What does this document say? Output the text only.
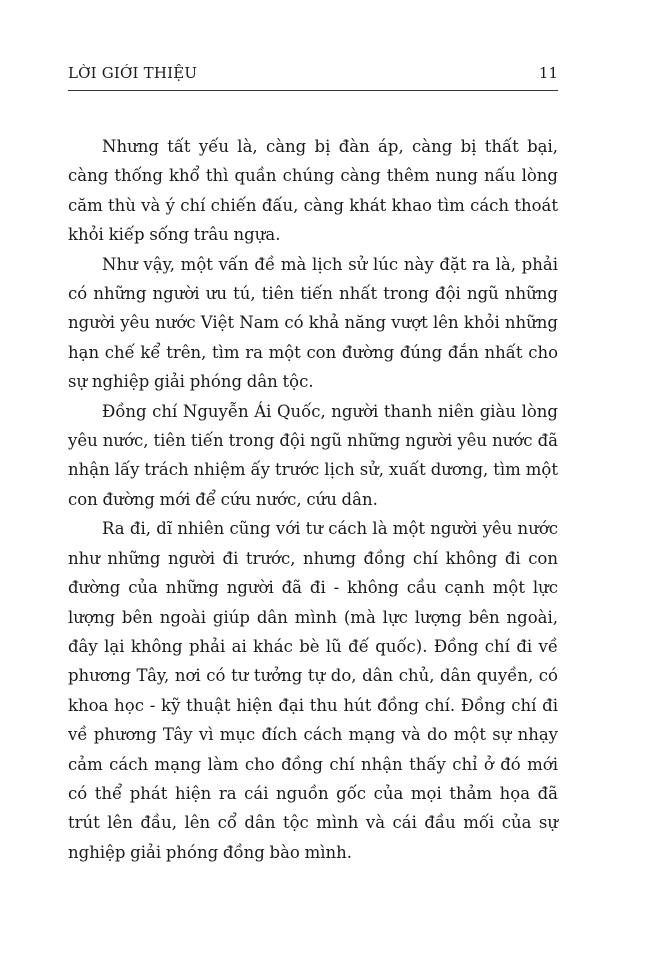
LỜI GIỚI THIỆU	11

Nhưng tất yếu là, càng bị đàn áp, càng bị thất bại, càng thống khổ thì quần chúng càng thêm nung nấu lòng căm thù và ý chí chiến đấu, càng khát khao tìm cách thoát khỏi kiếp sống trâu ngựa.

Như vậy, một vấn đề mà lịch sử lúc này đặt ra là, phải có những người ưu tú, tiên tiến nhất trong đội ngũ những người yêu nước Việt Nam có khả năng vượt lên khỏi những hạn chế kể trên, tìm ra một con đường đúng đắn nhất cho sự nghiệp giải phóng dân tộc.

Đồng chí Nguyễn Ái Quốc, người thanh niên giàu lòng yêu nước, tiên tiến trong đội ngũ những người yêu nước đã nhận lấy trách nhiệm ấy trước lịch sử, xuất dương, tìm một con đường mới để cứu nước, cứu dân.

Ra đi, dĩ nhiên cũng với tư cách là một người yêu nước như những người đi trước, nhưng đồng chí không đi con đường của những người đã đi - không cầu cạnh một lực lượng bên ngoài giúp dân mình (mà lực lượng bên ngoài, đây lại không phải ai khác bè lũ đế quốc). Đồng chí đi về phương Tây, nơi có tư tưởng tự do, dân chủ, dân quyền, có khoa học - kỹ thuật hiện đại thu hút đồng chí. Đồng chí đi về phương Tây vì mục đích cách mạng và do một sự nhạy cảm cách mạng làm cho đồng chí nhận thấy chỉ ở đó mới có thể phát hiện ra cái nguồn gốc của mọi thảm họa đã trút lên đầu, lên cổ dân tộc mình và cái đầu mối của sự nghiệp giải phóng đồng bào mình.
